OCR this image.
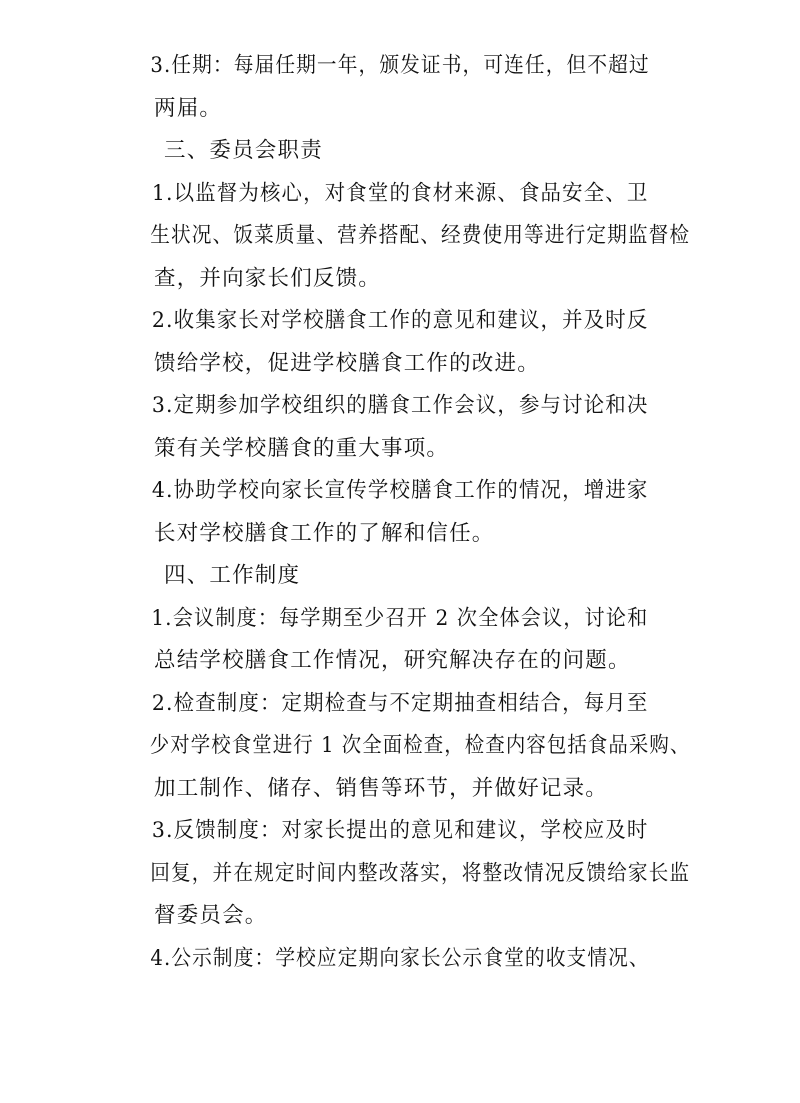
3.任期：每届任期一年，颁发证书，可连任，但不超过
两届。

三、委员会职责

1.以监督为核心，对食堂的食材来源、食品安全、卫
生状况、饭菜质量、营养搭配、经费使用等进行定期监督检
查，并向家长们反馈。

2.收集家长对学校膳食工作的意见和建议，并及时反
馈给学校，促进学校膳食工作的改进。

3.定期参加学校组织的膳食工作会议，参与讨论和决
策有关学校膳食的重大事项。

4.协助学校向家长宣传学校膳食工作的情况，增进家
长对学校膳食工作的了解和信任。

四、工作制度

1.会议制度：每学期至少召开 2 次全体会议，讨论和
总结学校膳食工作情况，研究解决存在的问题。

2.检查制度：定期检查与不定期抽查相结合，每月至
少对学校食堂进行 1 次全面检查，检查内容包括食品采购、
加工制作、储存、销售等环节，并做好记录。

3.反馈制度：对家长提出的意见和建议，学校应及时
回复，并在规定时间内整改落实，将整改情况反馈给家长监
督委员会。

4.公示制度：学校应定期向家长公示食堂的收支情况、
